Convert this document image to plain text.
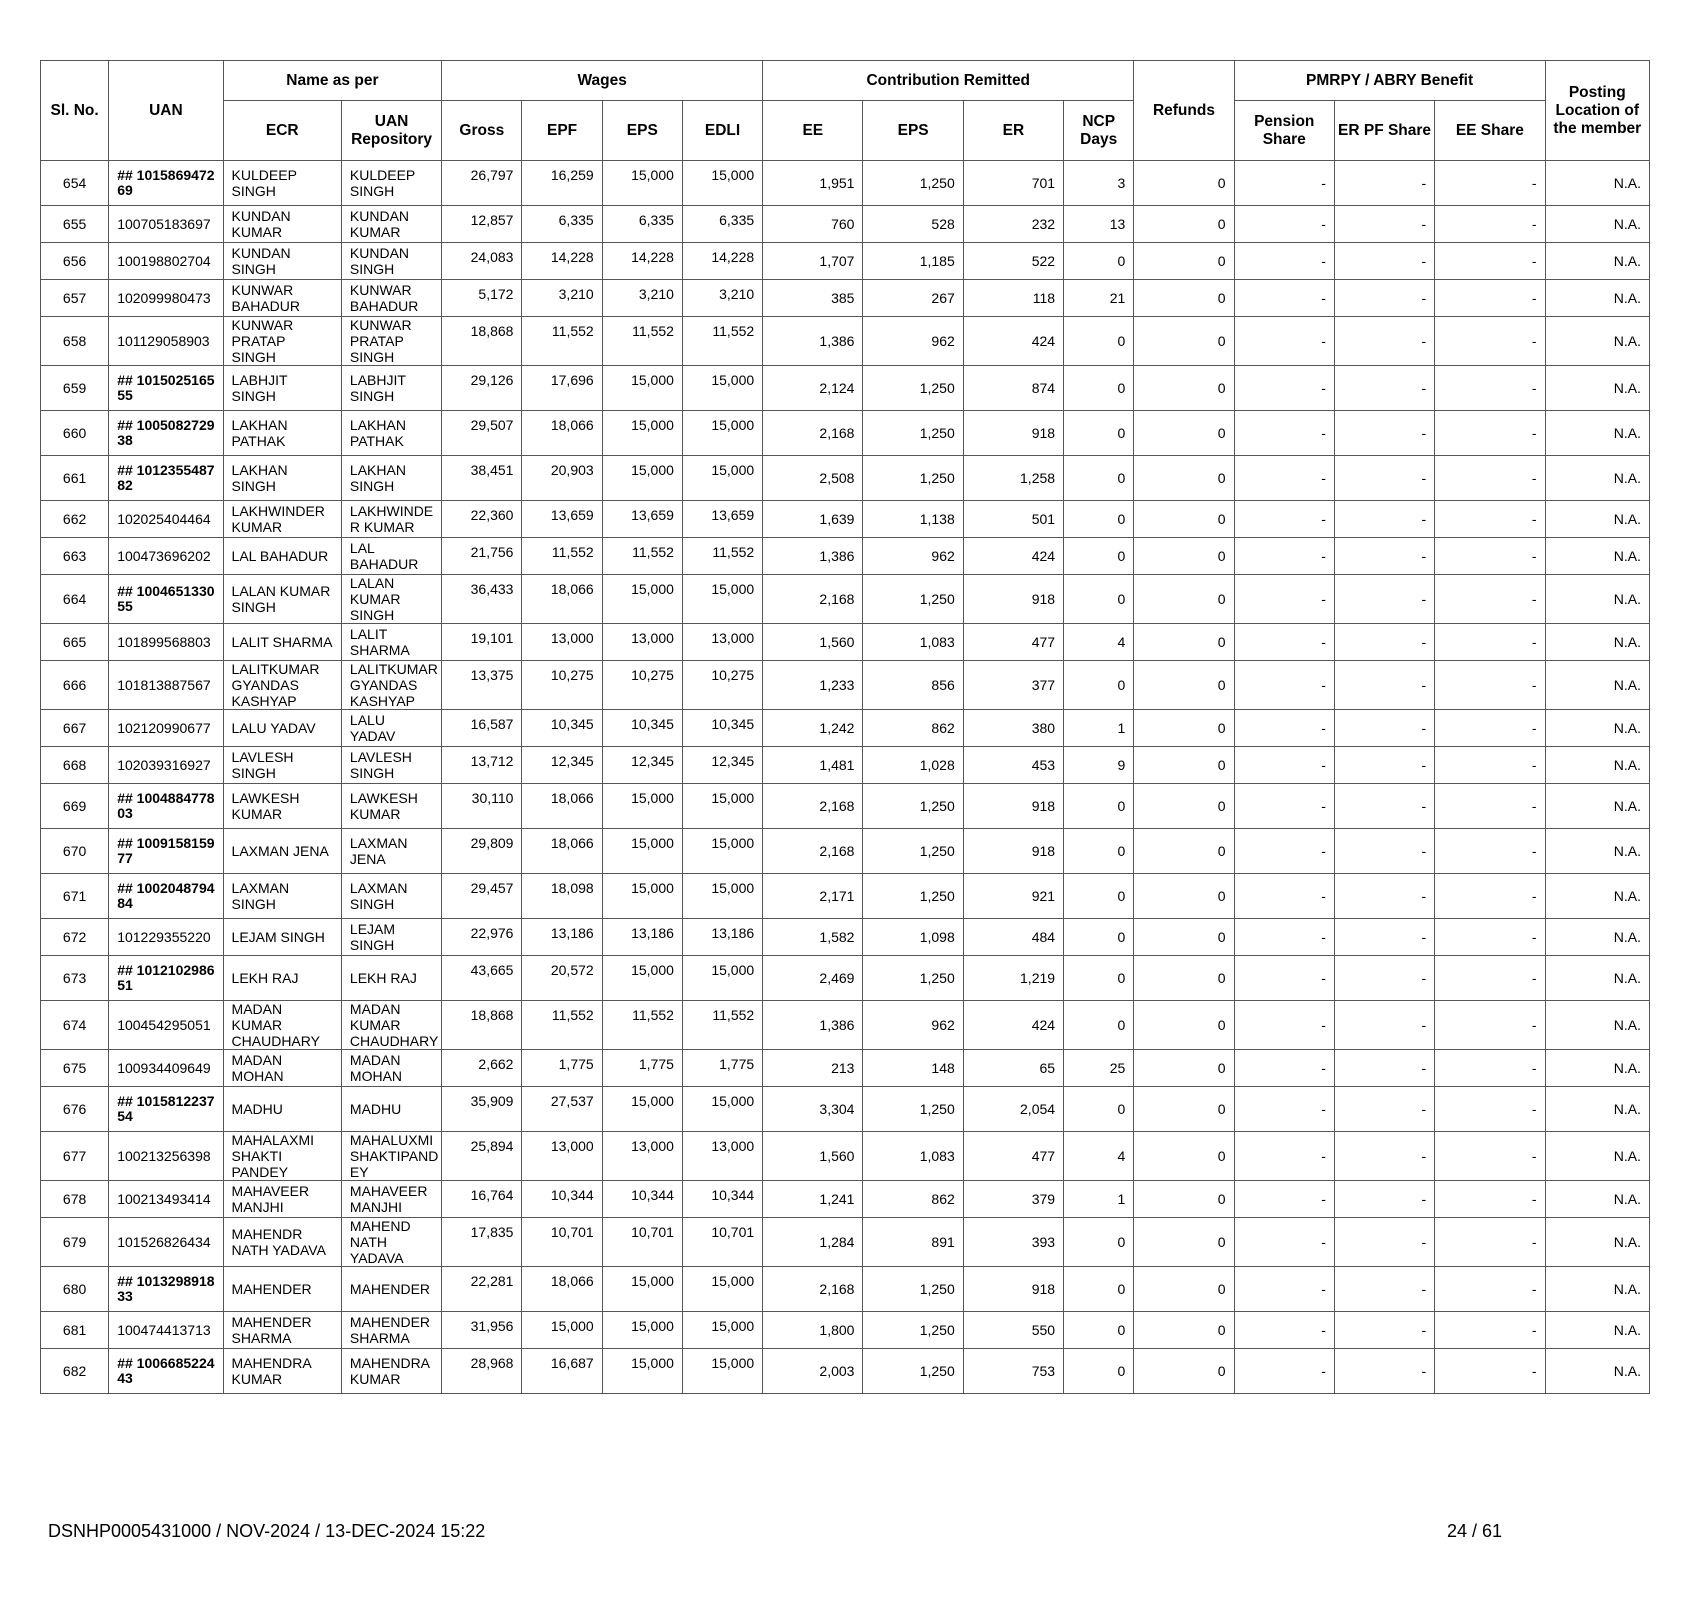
Sl. No.	UAN	Name as per		Wages				Contribution Remitted				Refunds	PMRPY / ABRY Benefit			Posting Location of the member
		ECR	UAN Repository	Gross	EPF	EPS	EDLI	EE	EPS	ER	NCP Days		Pension Share	ER PF Share	EE Share	
654	## 101586947269	KULDEEP SINGH	KULDEEP SINGH	26,797	16,259	15,000	15,000	1,951	1,250	701	3	0	-	-	-	N.A.
655	100705183697	KUNDAN KUMAR	KUNDAN KUMAR	12,857	6,335	6,335	6,335	760	528	232	13	0	-	-	-	N.A.
656	100198802704	KUNDAN SINGH	KUNDAN SINGH	24,083	14,228	14,228	14,228	1,707	1,185	522	0	0	-	-	-	N.A.
657	102099980473	KUNWAR BAHADUR	KUNWAR BAHADUR	5,172	3,210	3,210	3,210	385	267	118	21	0	-	-	-	N.A.
658	101129058903	KUNWAR PRATAP SINGH	KUNWAR PRATAP SINGH	18,868	11,552	11,552	11,552	1,386	962	424	0	0	-	-	-	N.A.
659	## 101502516555	LABHJIT SINGH	LABHJIT SINGH	29,126	17,696	15,000	15,000	2,124	1,250	874	0	0	-	-	-	N.A.
660	## 100508272938	LAKHAN PATHAK	LAKHAN PATHAK	29,507	18,066	15,000	15,000	2,168	1,250	918	0	0	-	-	-	N.A.
661	## 101235548782	LAKHAN SINGH	LAKHAN SINGH	38,451	20,903	15,000	15,000	2,508	1,250	1,258	0	0	-	-	-	N.A.
662	102025404464	LAKHWINDER KUMAR	LAKHWINDE R KUMAR	22,360	13,659	13,659	13,659	1,639	1,138	501	0	0	-	-	-	N.A.
663	100473696202	LAL BAHADUR	LAL BAHADUR	21,756	11,552	11,552	11,552	1,386	962	424	0	0	-	-	-	N.A.
664	## 100465133055	LALAN KUMAR SINGH	LALAN KUMAR SINGH	36,433	18,066	15,000	15,000	2,168	1,250	918	0	0	-	-	-	N.A.
665	101899568803	LALIT SHARMA	LALIT SHARMA	19,101	13,000	13,000	13,000	1,560	1,083	477	4	0	-	-	-	N.A.
666	101813887567	LALITKUMAR GYANDAS KASHYAP	LALITKUMAR GYANDAS KASHYAP	13,375	10,275	10,275	10,275	1,233	856	377	0	0	-	-	-	N.A.
667	102120990677	LALU YADAV	LALU YADAV	16,587	10,345	10,345	10,345	1,242	862	380	1	0	-	-	-	N.A.
668	102039316927	LAVLESH SINGH	LAVLESH SINGH	13,712	12,345	12,345	12,345	1,481	1,028	453	9	0	-	-	-	N.A.
669	## 100488477803	LAWKESH KUMAR	LAWKESH KUMAR	30,110	18,066	15,000	15,000	2,168	1,250	918	0	0	-	-	-	N.A.
670	## 100915815977	LAXMAN JENA	LAXMAN JENA	29,809	18,066	15,000	15,000	2,168	1,250	918	0	0	-	-	-	N.A.
671	## 100204879484	LAXMAN SINGH	LAXMAN SINGH	29,457	18,098	15,000	15,000	2,171	1,250	921	0	0	-	-	-	N.A.
672	101229355220	LEJAM SINGH	LEJAM SINGH	22,976	13,186	13,186	13,186	1,582	1,098	484	0	0	-	-	-	N.A.
673	## 101210298651	LEKH RAJ	LEKH RAJ	43,665	20,572	15,000	15,000	2,469	1,250	1,219	0	0	-	-	-	N.A.
674	100454295051	MADAN KUMAR CHAUDHARY	MADAN KUMAR CHAUDHARY	18,868	11,552	11,552	11,552	1,386	962	424	0	0	-	-	-	N.A.
675	100934409649	MADAN MOHAN	MADAN MOHAN	2,662	1,775	1,775	1,775	213	148	65	25	0	-	-	-	N.A.
676	## 101581223754	MADHU	MADHU	35,909	27,537	15,000	15,000	3,304	1,250	2,054	0	0	-	-	-	N.A.
677	100213256398	MAHALAXMI SHAKTI PANDEY	MAHALUXMI SHAKTIPAND EY	25,894	13,000	13,000	13,000	1,560	1,083	477	4	0	-	-	-	N.A.
678	100213493414	MAHAVEER MANJHI	MAHAVEER MANJHI	16,764	10,344	10,344	10,344	1,241	862	379	1	0	-	-	-	N.A.
679	101526826434	MAHENDR NATH YADAVA	MAHEND NATH YADAVA	17,835	10,701	10,701	10,701	1,284	891	393	0	0	-	-	-	N.A.
680	## 101329891833	MAHENDER	MAHENDER	22,281	18,066	15,000	15,000	2,168	1,250	918	0	0	-	-	-	N.A.
681	100474413713	MAHENDER SHARMA	MAHENDER SHARMA	31,956	15,000	15,000	15,000	1,800	1,250	550	0	0	-	-	-	N.A.
682	## 100668522443	MAHENDRA KUMAR	MAHENDRA KUMAR	28,968	16,687	15,000	15,000	2,003	1,250	753	0	0	-	-	-	N.A.
DSNHP0005431000 / NOV-2024 / 13-DEC-2024 15:22	24 / 61
